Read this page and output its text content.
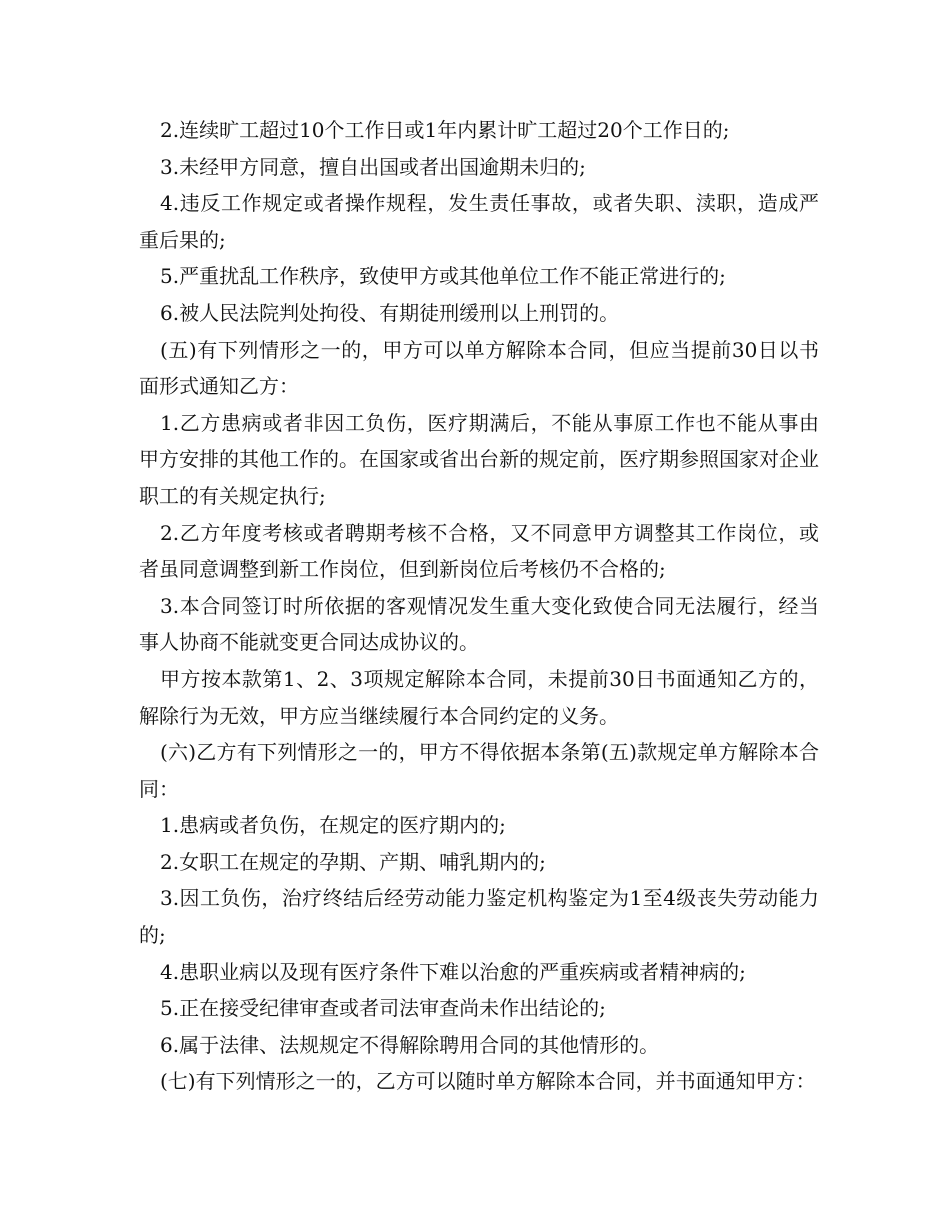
2.连续旷工超过10个工作日或1年内累计旷工超过20个工作日的;

3.未经甲方同意，擅自出国或者出国逾期未归的;

4.违反工作规定或者操作规程，发生责任事故，或者失职、渎职，造成严重后果的;

5.严重扰乱工作秩序，致使甲方或其他单位工作不能正常进行的;

6.被人民法院判处拘役、有期徒刑缓刑以上刑罚的。

(五)有下列情形之一的，甲方可以单方解除本合同，但应当提前30日以书面形式通知乙方：

1.乙方患病或者非因工负伤，医疗期满后，不能从事原工作也不能从事由甲方安排的其他工作的。在国家或省出台新的规定前，医疗期参照国家对企业职工的有关规定执行;

2.乙方年度考核或者聘期考核不合格，又不同意甲方调整其工作岗位，或者虽同意调整到新工作岗位，但到新岗位后考核仍不合格的;

3.本合同签订时所依据的客观情况发生重大变化致使合同无法履行，经当事人协商不能就变更合同达成协议的。

甲方按本款第1、2、3项规定解除本合同，未提前30日书面通知乙方的，解除行为无效，甲方应当继续履行本合同约定的义务。

(六)乙方有下列情形之一的，甲方不得依据本条第(五)款规定单方解除本合同：

1.患病或者负伤，在规定的医疗期内的;

2.女职工在规定的孕期、产期、哺乳期内的;

3.因工负伤，治疗终结后经劳动能力鉴定机构鉴定为1至4级丧失劳动能力的;

4.患职业病以及现有医疗条件下难以治愈的严重疾病或者精神病的;

5.正在接受纪律审查或者司法审查尚未作出结论的;

6.属于法律、法规规定不得解除聘用合同的其他情形的。

(七)有下列情形之一的，乙方可以随时单方解除本合同，并书面通知甲方：
